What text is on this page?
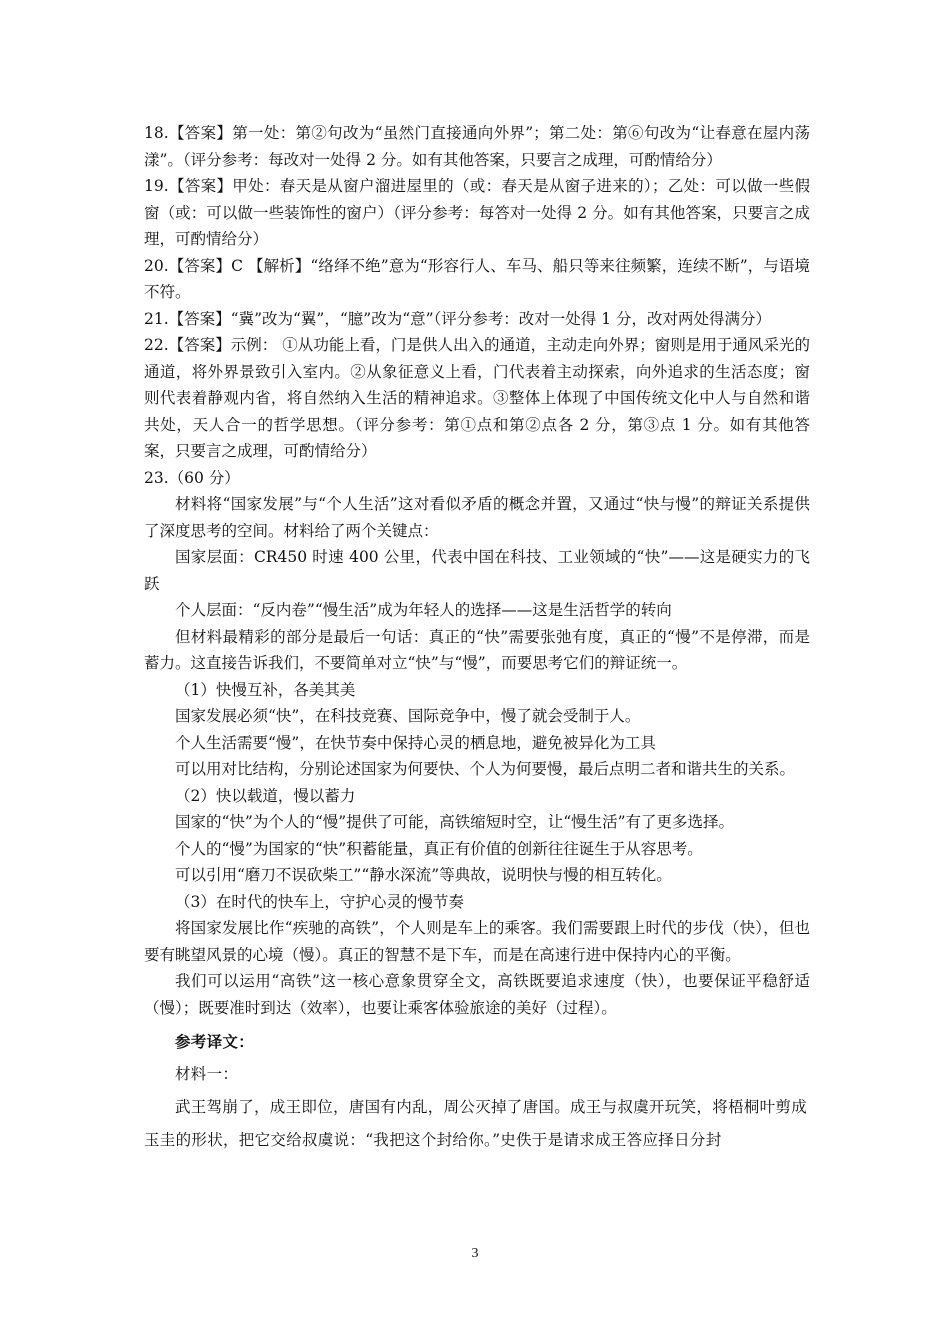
18.【答案】第一处：第②句改为“虽然门直接通向外界”；第二处：第⑥句改为“让春意在屋内荡漾”。（评分参考：每改对一处得 2 分。如有其他答案，只要言之成理，可酌情给分）

19.【答案】甲处：春天是从窗户溜进屋里的（或：春天是从窗子进来的）；乙处：可以做一些假窗（或：可以做一些装饰性的窗户）（评分参考：每答对一处得 2 分。如有其他答案，只要言之成理，可酌情给分）

20.【答案】C 【解析】“络绎不绝”意为“形容行人、车马、船只等来往频繁，连续不断”，与语境不符。

21.【答案】“冀”改为“翼”，“臆”改为“意”（评分参考：改对一处得 1 分，改对两处得满分）

22.【答案】示例： ①从功能上看，门是供人出入的通道，主动走向外界；窗则是用于通风采光的通道，将外界景致引入室内。②从象征意义上看，门代表着主动探索，向外追求的生活态度；窗则代表着静观内省，将自然纳入生活的精神追求。③整体上体现了中国传统文化中人与自然和谐共处，天人合一的哲学思想。（评分参考：第①点和第②点各 2 分，第③点 1 分。如有其他答案，只要言之成理，可酌情给分）

23.（60 分）

材料将“国家发展”与“个人生活”这对看似矛盾的概念并置，又通过“快与慢”的辩证关系提供了深度思考的空间。材料给了两个关键点：

国家层面：CR450 时速 400 公里，代表中国在科技、工业领域的“快”——这是硬实力的飞跃

个人层面：“反内卷”“慢生活”成为年轻人的选择——这是生活哲学的转向

但材料最精彩的部分是最后一句话：真正的“快”需要张弛有度，真正的“慢”不是停滞，而是蓄力。这直接告诉我们，不要简单对立“快”与“慢”，而要思考它们的辩证统一。

（1）快慢互补，各美其美

国家发展必须“快”，在科技竞赛、国际竞争中，慢了就会受制于人。

个人生活需要“慢”，在快节奏中保持心灵的栖息地，避免被异化为工具

可以用对比结构，分别论述国家为何要快、个人为何要慢，最后点明二者和谐共生的关系。

（2）快以载道，慢以蓄力

国家的“快”为个人的“慢”提供了可能，高铁缩短时空，让“慢生活”有了更多选择。

个人的“慢”为国家的“快”积蓄能量，真正有价值的创新往往诞生于从容思考。

可以引用“磨刀不误砍柴工”“静水深流”等典故，说明快与慢的相互转化。

（3）在时代的快车上，守护心灵的慢节奏

将国家发展比作“疾驰的高铁”，个人则是车上的乘客。我们需要跟上时代的步伐（快），但也要有眺望风景的心境（慢）。真正的智慧不是下车，而是在高速行进中保持内心的平衡。

我们可以运用“高铁”这一核心意象贯穿全文，高铁既要追求速度（快），也要保证平稳舒适（慢）；既要准时到达（效率），也要让乘客体验旅途的美好（过程）。

参考译文：

材料一：

武王驾崩了，成王即位，唐国有内乱，周公灭掉了唐国。成王与叔虞开玩笑，将梧桐叶剪成玉圭的形状，把它交给叔虞说：“我把这个封给你。”史佚于是请求成王答应择日分封

3
